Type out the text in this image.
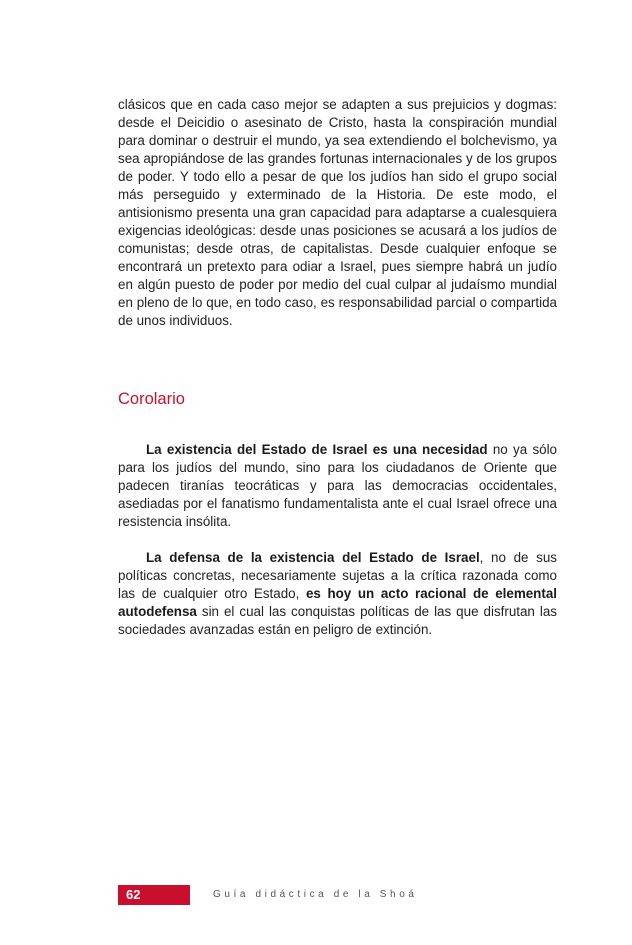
clásicos que en cada caso mejor se adapten a sus prejuicios y dogmas: desde el Deicidio o asesinato de Cristo, hasta la conspiración mundial para dominar o destruir el mundo, ya sea extendiendo el bolchevismo, ya sea apropiándose de las grandes fortunas internacionales y de los grupos de poder. Y todo ello a pesar de que los judíos han sido el grupo social más perseguido y exterminado de la Historia. De este modo, el antisionismo presenta una gran capacidad para adaptarse a cualesquiera exigencias ideológicas: desde unas posiciones se acusará a los judíos de comunistas; desde otras, de capitalistas. Desde cualquier enfoque se encontrará un pretexto para odiar a Israel, pues siempre habrá un judío en algún puesto de poder por medio del cual culpar al judaísmo mundial en pleno de lo que, en todo caso, es responsabilidad parcial o compartida de unos individuos.

Corolario

La existencia del Estado de Israel es una necesidad no ya sólo para los judíos del mundo, sino para los ciudadanos de Oriente que padecen tiranías teocráticas y para las democracias occidentales, asediadas por el fanatismo fundamentalista ante el cual Israel ofrece una resistencia insólita.

La defensa de la existencia del Estado de Israel, no de sus políticas concretas, necesariamente sujetas a la crítica razonada como las de cualquier otro Estado, es hoy un acto racional de elemental autodefensa sin el cual las conquistas políticas de las que disfrutan las sociedades avanzadas están en peligro de extinción.

62	Guía didáctica de la Shoá
